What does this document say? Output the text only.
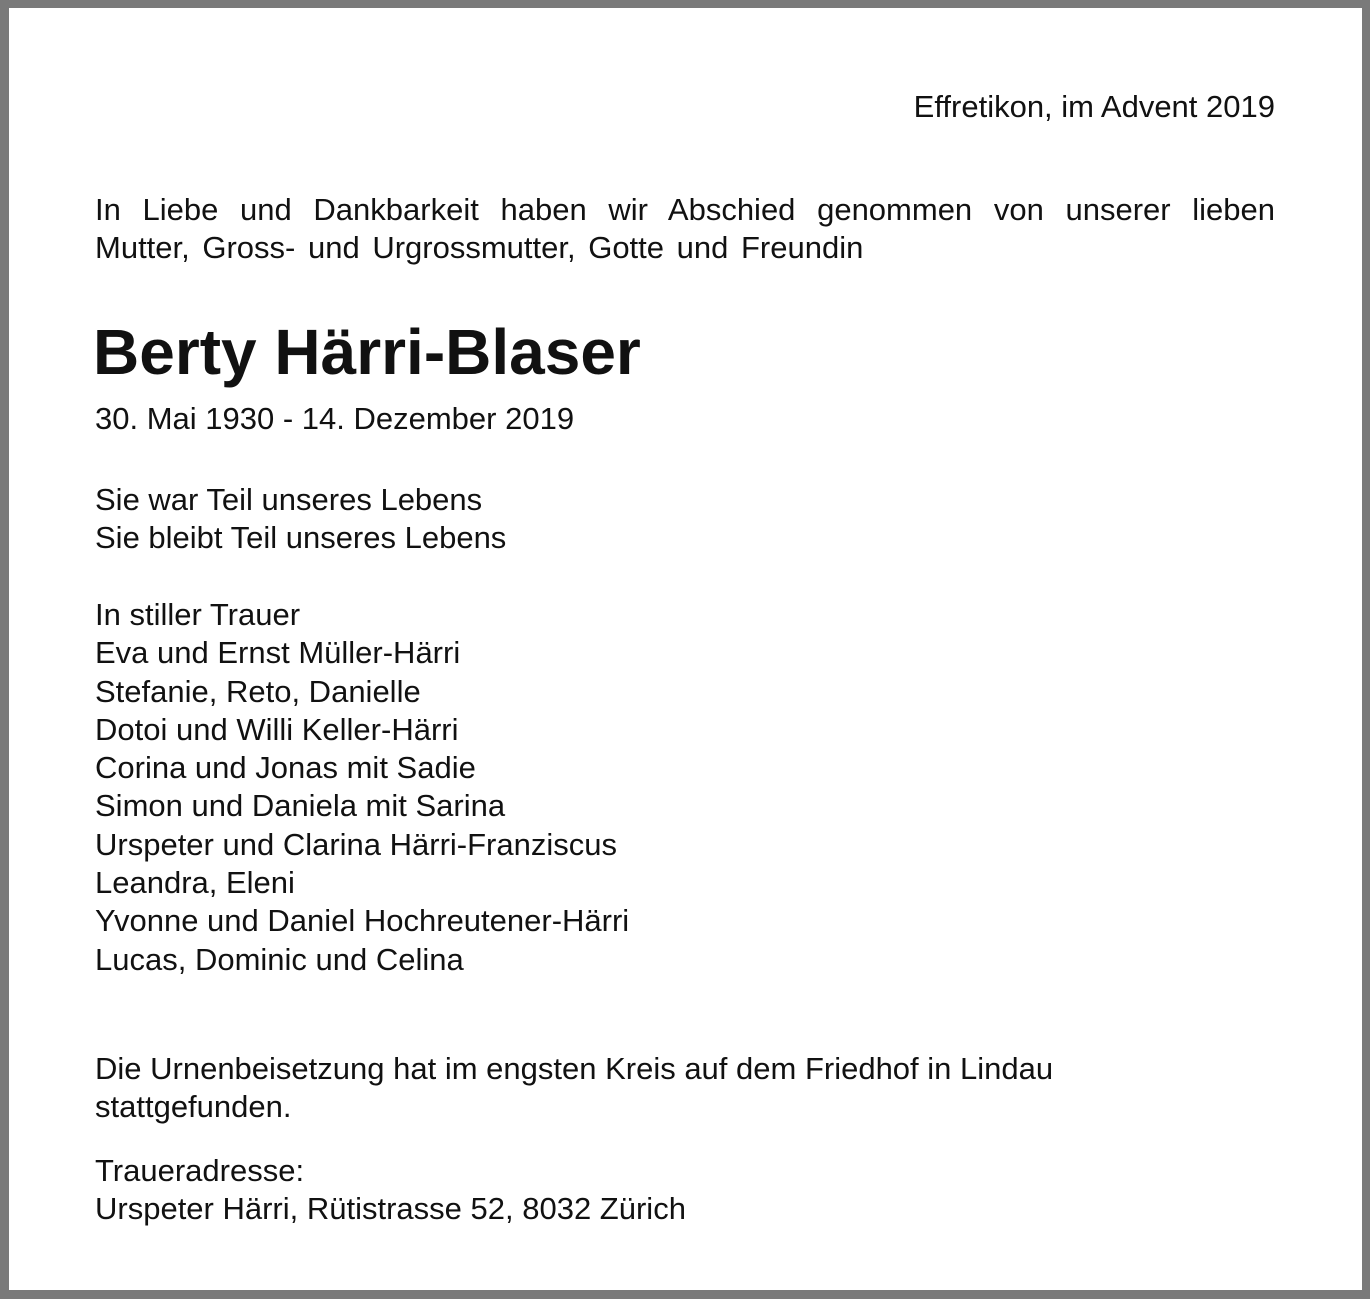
Effretikon, im Advent 2019
In Liebe und Dankbarkeit haben wir Abschied genommen von unserer lieben Mutter, Gross- und Urgrossmutter, Gotte und Freundin
Berty Härri-Blaser
30. Mai 1930 - 14. Dezember 2019
Sie war Teil unseres Lebens
Sie bleibt Teil unseres Lebens
In stiller Trauer
Eva und Ernst Müller-Härri
Stefanie, Reto, Danielle
Dotoi und Willi Keller-Härri
Corina und Jonas mit Sadie
Simon und Daniela mit Sarina
Urspeter und Clarina Härri-Franziscus
Leandra, Eleni
Yvonne und Daniel Hochreutener-Härri
Lucas, Dominic und Celina
Die Urnenbeisetzung hat im engsten Kreis auf dem Friedhof in Lindau
stattgefunden.
Traueradresse:
Urspeter Härri, Rütistrasse 52, 8032 Zürich
